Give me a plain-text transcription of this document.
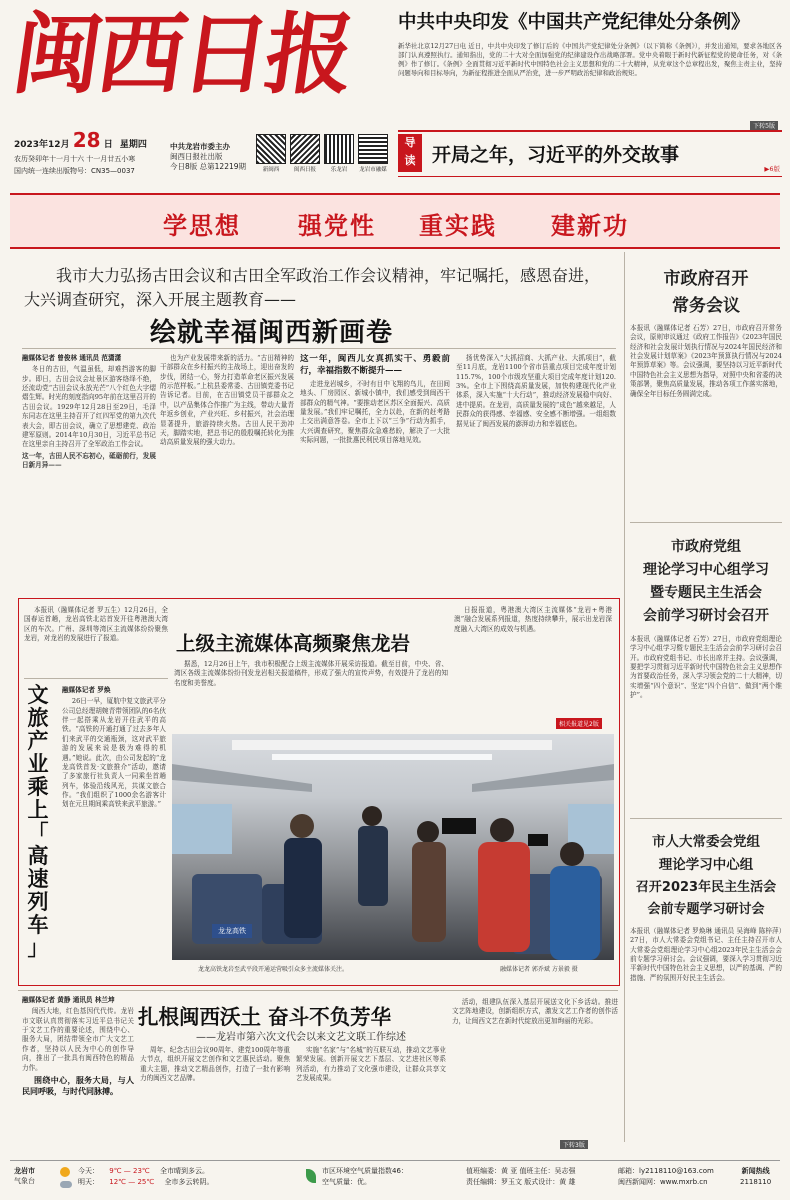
闽西日报
2023年12月 28 日 星期四
农历癸卯年十一月十六 十一月廿五小寒
国内统一连续出版物号：CN35—0037
中共龙岩市委主办
闽西日报社出版
今日8版 总第12219期	新闽西	闽西日报	乐龙岩	龙岩市融媒
中共中央印发《中国共产党纪律处分条例》
新华社北京12月27日电 近日，中共中央印发了修订后的《中国共产党纪律处分条例》（以下简称《条例》），并发出通知，要求各地区各部门认真遵照执行。通知指出，党的二十大对全面加强党的纪律建设作出战略部署。党中央着眼于新时代新征程党的使命任务，对《条例》作了修订。《条例》全面贯彻习近平新时代中国特色社会主义思想和党的二十大精神，从党章这个总章程出发，聚焦主责主业，坚持问题导向和目标导向，为新征程推进全面从严治党，进一步严明政治纪律和政治规矩。
下转5版
导
读 开局之年，习近平的外交故事
▶6版
学思想 强党性 重实践 建新功
我市大力弘扬古田会议和古田全军政治工作会议精神，牢记嘱托，感恩奋进，大兴调查研究，深入开展主题教育——
绘就幸福闽西新画卷

融媒体记者 曾俊林 通讯员 范潇潇

冬日的古田，气温虽低，却难挡游客的脚步。即日，古田会议会址景区游客络绎不绝，还流动党“古田会议永放光芒”八个红色大字熠熠生辉。时光的刻度指向95年前在这里召开的古田会议。1929年12月28日至29日，毛泽东同志在这里主持召开了红四军党的第九次代表大会，即古田会议，确立了思想建党、政治建军原则。2014年10月30日，习近平总书记在这里亲自主持召开了全军政治工作会议。

这一年，古田人民不忘初心，砥砺前行，发展日新月异——

也为产业发展带来新的活力。“古田精神的干部群众在乡村振兴的主战场上，迎出奋发的步伐，团结一心，努力打造革命老区振兴发展的示范样板。”上杭县委常委、古田镇党委书记告诉记者。目前，在古田镇党员干部群众之中，以产品集体合作推广为主线，带动大量青年返乡创业，产业兴旺、乡村振兴，社会治理显著提升，旅游持续火热。古田人民干劲冲天，脚踏实地，把总书记的殷殷嘱托转化为推动高质量发展的强大动力。

这一年，闽西儿女真抓实干、勇毅前行，幸福指数不断提升——

走进龙岩城乡，不时有目中飞翔的鸟儿，在田间地头、厂房园区、新城小镇中，我们感受到闽西干部群众的精气神。“要推动老区苏区全面振兴、高质量发展。”我们牢记嘱托，全力以赴，在新的赶考路上交出满意答卷。全市上下以“三争”行动为抓手，大兴调查研究，聚焦群众急难愁盼，解决了一大批实际问题，一批批惠民利民项目落地见效。

扬优势深入“大抓招商、大抓产业、大抓项目”，截至11月底，龙岩1100个省市县重点项目完成年度计划115.7%，100个市级攻坚重大项目完成年度计划120.3%。全市上下围绕高质量发展，加快构建现代化产业体系，深入实施“十大行动”，推动经济发展稳中向好、进中提质。在龙岩，高质量发展的“成色”越来越足，人民群众的获得感、幸福感、安全感不断增强。一组组数据见证了闽西发展的澎湃动力和幸福底色。

市政府召开
常务会议
本报讯（融媒体记者 石芳）27日，市政府召开常务会议，原则审议通过《政府工作报告》《2023年国民经济和社会发展计划执行情况与2024年国民经济和社会发展计划草案》《2023年预算执行情况与2024年预算草案》等。会议强调，要坚持以习近平新时代中国特色社会主义思想为指导，对照中央和省委的决策部署，聚焦高质量发展，推动各项工作落实落地，确保全年目标任务圆满完成。
市政府党组
理论学习中心组学习
暨专题民主生活会
会前学习研讨会召开
本报讯（融媒体记者 石芳）27日，市政府党组理论学习中心组学习暨专题民主生活会会前学习研讨会召开。市政府党组书记、市长出席并主持。会议强调，要把学习贯彻习近平新时代中国特色社会主义思想作为首要政治任务，深入学习领会党的二十大精神，切实增强“四个意识”、坚定“四个自信”、做到“两个维护”。
市人大常委会党组
理论学习中心组
召开2023年民主生活会
会前专题学习研讨会
本报讯（融媒体记者 罗焕琳 通讯员 吴海峰 陈梓萍）27日，市人大常委会党组书记、主任主持召开市人大常委会党组理论学习中心组2023年民主生活会会前专题学习研讨会。会议强调，要深入学习贯彻习近平新时代中国特色社会主义思想，以严的基调、严的措施、严的氛围开好民主生活会。

本报讯（融媒体记者 罗五生）12月26日，全国春运首趟，龙岩高铁北站首发开往粤港澳大湾区的车次。广州、深圳等湾区主流媒体纷纷聚焦龙岩，对龙岩的发展进行了报道。	上级主流媒体高频聚焦龙岩

据悉，12月26日上午，我市积极配合上级主流媒体开展采访报道。截至目前，中央、省、湾区各级主流媒体纷纷刊发龙岩相关报道稿件，形成了强大的宣传声势，有效提升了龙岩的知名度和美誉度。

日报报道，粤港澳大湾区主流媒体“龙岩+粤港澳”融合发展系列报道，热度持续攀升，展示出龙岩深度融入大湾区的成效与机遇。

相关报道见2版
文
旅
产
业
乘
上
「
高
速
列
车
」

融媒体记者 罗焕

26日一早，厦航中复文旅武平分公司总经理胡婉青带领团队的6名伙伴一起搭乘从龙岩开往武平的高铁。“高铁的开通打通了过去多年人们来武平的交通瓶颈，这对武平旅游的发展来说是极为难得的机遇。”她说。此次，由公司发起的“龙龙高铁首发·文旅推介”活动，邀请了多家旅行社负责人一同乘坐首趟列车，体验沿线风光，共谋文旅合作。“我们组织了1000余名游客计划在元旦期间乘高铁来武平旅游。”

龙龙高铁
龙龙高铁龙岩至武平段开通运营吸引众多主流媒体关注。	融媒体记者 郭乔斌 方景毅 摄

融媒体记者 黄静 通讯员 林兰坤

闽西大地，红色基因代代传。龙岩市文联认真贯彻落实习近平总书记关于文艺工作的重要论述，围绕中心、服务大局，团结带领全市广大文艺工作者，坚持以人民为中心的创作导向，推出了一批具有闽西特色的精品力作。

围绕中心，服务大局，与人民同呼吸，与时代同脉搏。

扎根闽西沃土 奋斗不负芳华
——龙岩市第六次文代会以来文艺文联工作综述

周年、纪念古田会议90周年、建党100周年等重大节点，组织开展文艺创作和文艺惠民活动。聚焦重大主题，推动文艺精品创作，打造了一批有影响力的闽西文艺品牌。

实施“名家”与“名城”的互联互动，推动文艺事业繁荣发展。创新开展文艺下基层、文艺进社区等系列活动，有力推动了文化强市建设，让群众共享文艺发展成果。

活动，组建队伍深入基层开展送文化下乡活动。推进文艺阵地建设，创新组织方式，激发文艺工作者的创作活力，让闽西文艺在新时代绽放出更加绚丽的光彩。

下转3版
龙岩市
气象台
今天： 9℃ — 23℃ 全市晴到多云。
明天： 12℃ — 25℃ 全市多云转阴。
市区环境空气质量指数46：
空气质量：优。
值班编委：黄 亚 值班主任：吴志强
责任编辑：罗玉文 版式设计：黄 雄
邮箱：ly2118110@163.com
闽西新闻网：www.mxrb.cn
新闻热线
2118110
